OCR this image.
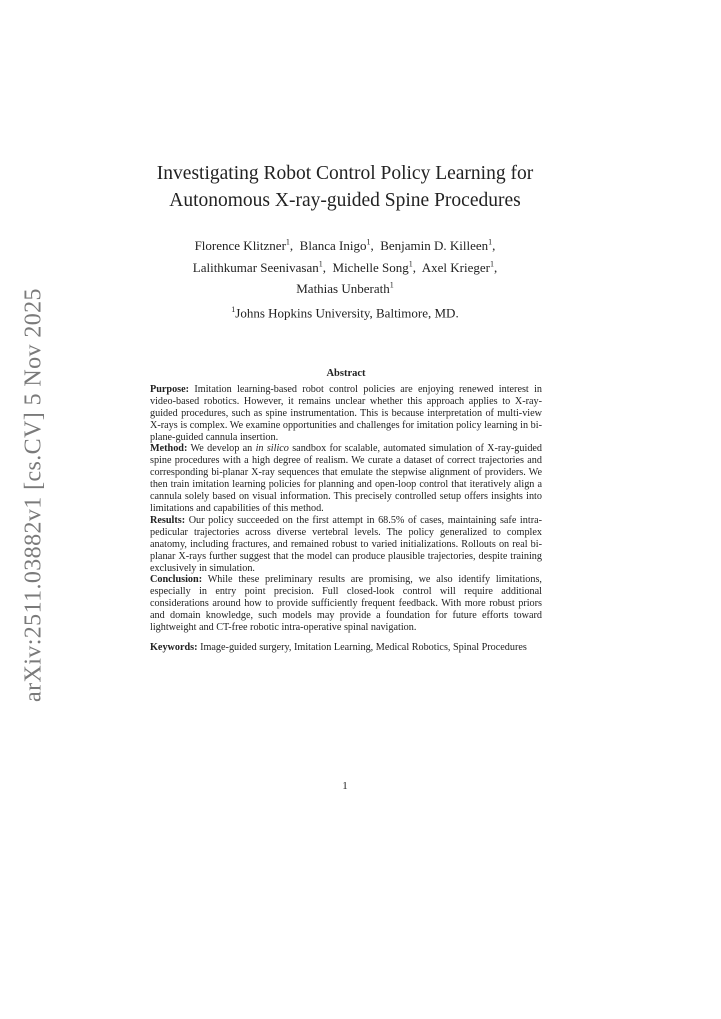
arXiv:2511.03882v1 [cs.CV] 5 Nov 2025
Investigating Robot Control Policy Learning for
Autonomous X-ray-guided Spine Procedures
Florence Klitzner$^1$, Blanca Inigo$^1$, Benjamin D. Killeen$^1$,
Lalithkumar Seenivasan$^1$, Michelle Song$^1$, Axel Krieger$^1$,
Mathias Unberath$^1$
$^1$Johns Hopkins University, Baltimore, MD.
Abstract

Purpose: Imitation learning-based robot control policies are enjoying renewed interest in video-based robotics. However, it remains unclear whether this approach applies to X-ray-guided procedures, such as spine instrumentation. This is because interpretation of multi-view X-rays is complex. We examine opportunities and challenges for imitation policy learning in bi-plane-guided cannula insertion.

Method: We develop an in silico sandbox for scalable, automated simulation of X-ray-guided spine procedures with a high degree of realism. We curate a dataset of correct trajectories and corresponding bi-planar X-ray sequences that emulate the stepwise alignment of providers. We then train imitation learning policies for planning and open-loop control that iteratively align a cannula solely based on visual information. This precisely controlled setup offers insights into limitations and capabilities of this method.

Results: Our policy succeeded on the first attempt in 68.5% of cases, maintaining safe intra-pedicular trajectories across diverse vertebral levels. The policy generalized to complex anatomy, including fractures, and remained robust to varied initializations. Rollouts on real bi-planar X-rays further suggest that the model can produce plausible trajectories, despite training exclusively in simulation.

Conclusion: While these preliminary results are promising, we also identify limitations, especially in entry point precision. Full closed-look control will require additional considerations around how to provide sufficiently frequent feedback. With more robust priors and domain knowledge, such models may provide a foundation for future efforts toward lightweight and CT-free robotic intra-operative spinal navigation.

Keywords: Image-guided surgery, Imitation Learning, Medical Robotics, Spinal Procedures

1
